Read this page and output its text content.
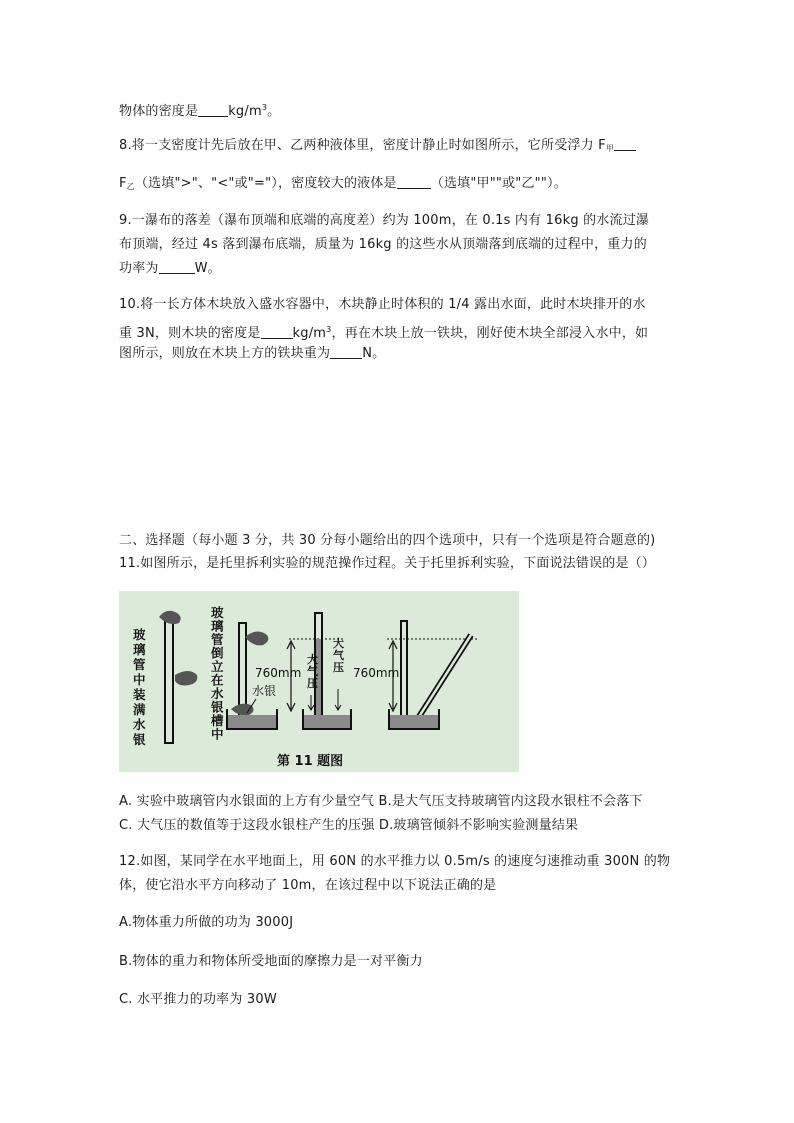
物体的密度是 $kg/m^3$。
8.将一支密度计先后放在甲、乙两种液体里，密度计静止时如图所示，它所受浮力 $F_甲$
$F_乙$（选填">"、"<"或"="），密度较大的液体是	（选填"甲""或"乙""）。
9.一瀑布的落差（瀑布顶端和底端的高度差）约为 100m，在 0.1s 内有 16kg 的水流过瀑
布顶端，经过 4s 落到瀑布底端，质量为 16kg 的这些水从顶端落到底端的过程中，重力的
功率为	W。
10.将一长方体木块放入盛水容器中，木块静止时体积的 1/4 露出水面，此时木块排开的水
重 3N，则木块的密度是 $kg/m^3$，再在木块上放一铁块，刚好使木块全部浸入水中，如
图所示，则放在木块上方的铁块重为 N。
二、选择题（每小题 3 分，共 30 分每小题给出的四个选项中，只有一个选项是符合题意的)
11.如图所示，是托里拆利实验的规范操作过程。关于托里拆利实验，下面说法错误的是（）
玻璃管中装满水银
玻璃管倒立在水银槽中
水银
760mm
大气压
大气压 760mm
第 11 题图
A. 实验中玻璃管内水银面的上方有少量空气 B.是大气压支持玻璃管内这段水银柱不会落下
C. 大气压的数值等于这段水银柱产生的压强 D.玻璃管倾斜不影响实验测量结果
12.如图，某同学在水平地面上，用 60N 的水平推力以 0.5m/s 的速度匀速推动重 300N 的物
体，使它沿水平方向移动了 10m，在该过程中以下说法正确的是
A.物体重力所做的功为 3000J
B.物体的重力和物体所受地面的摩擦力是一对平衡力
C. 水平推力的功率为 30W
